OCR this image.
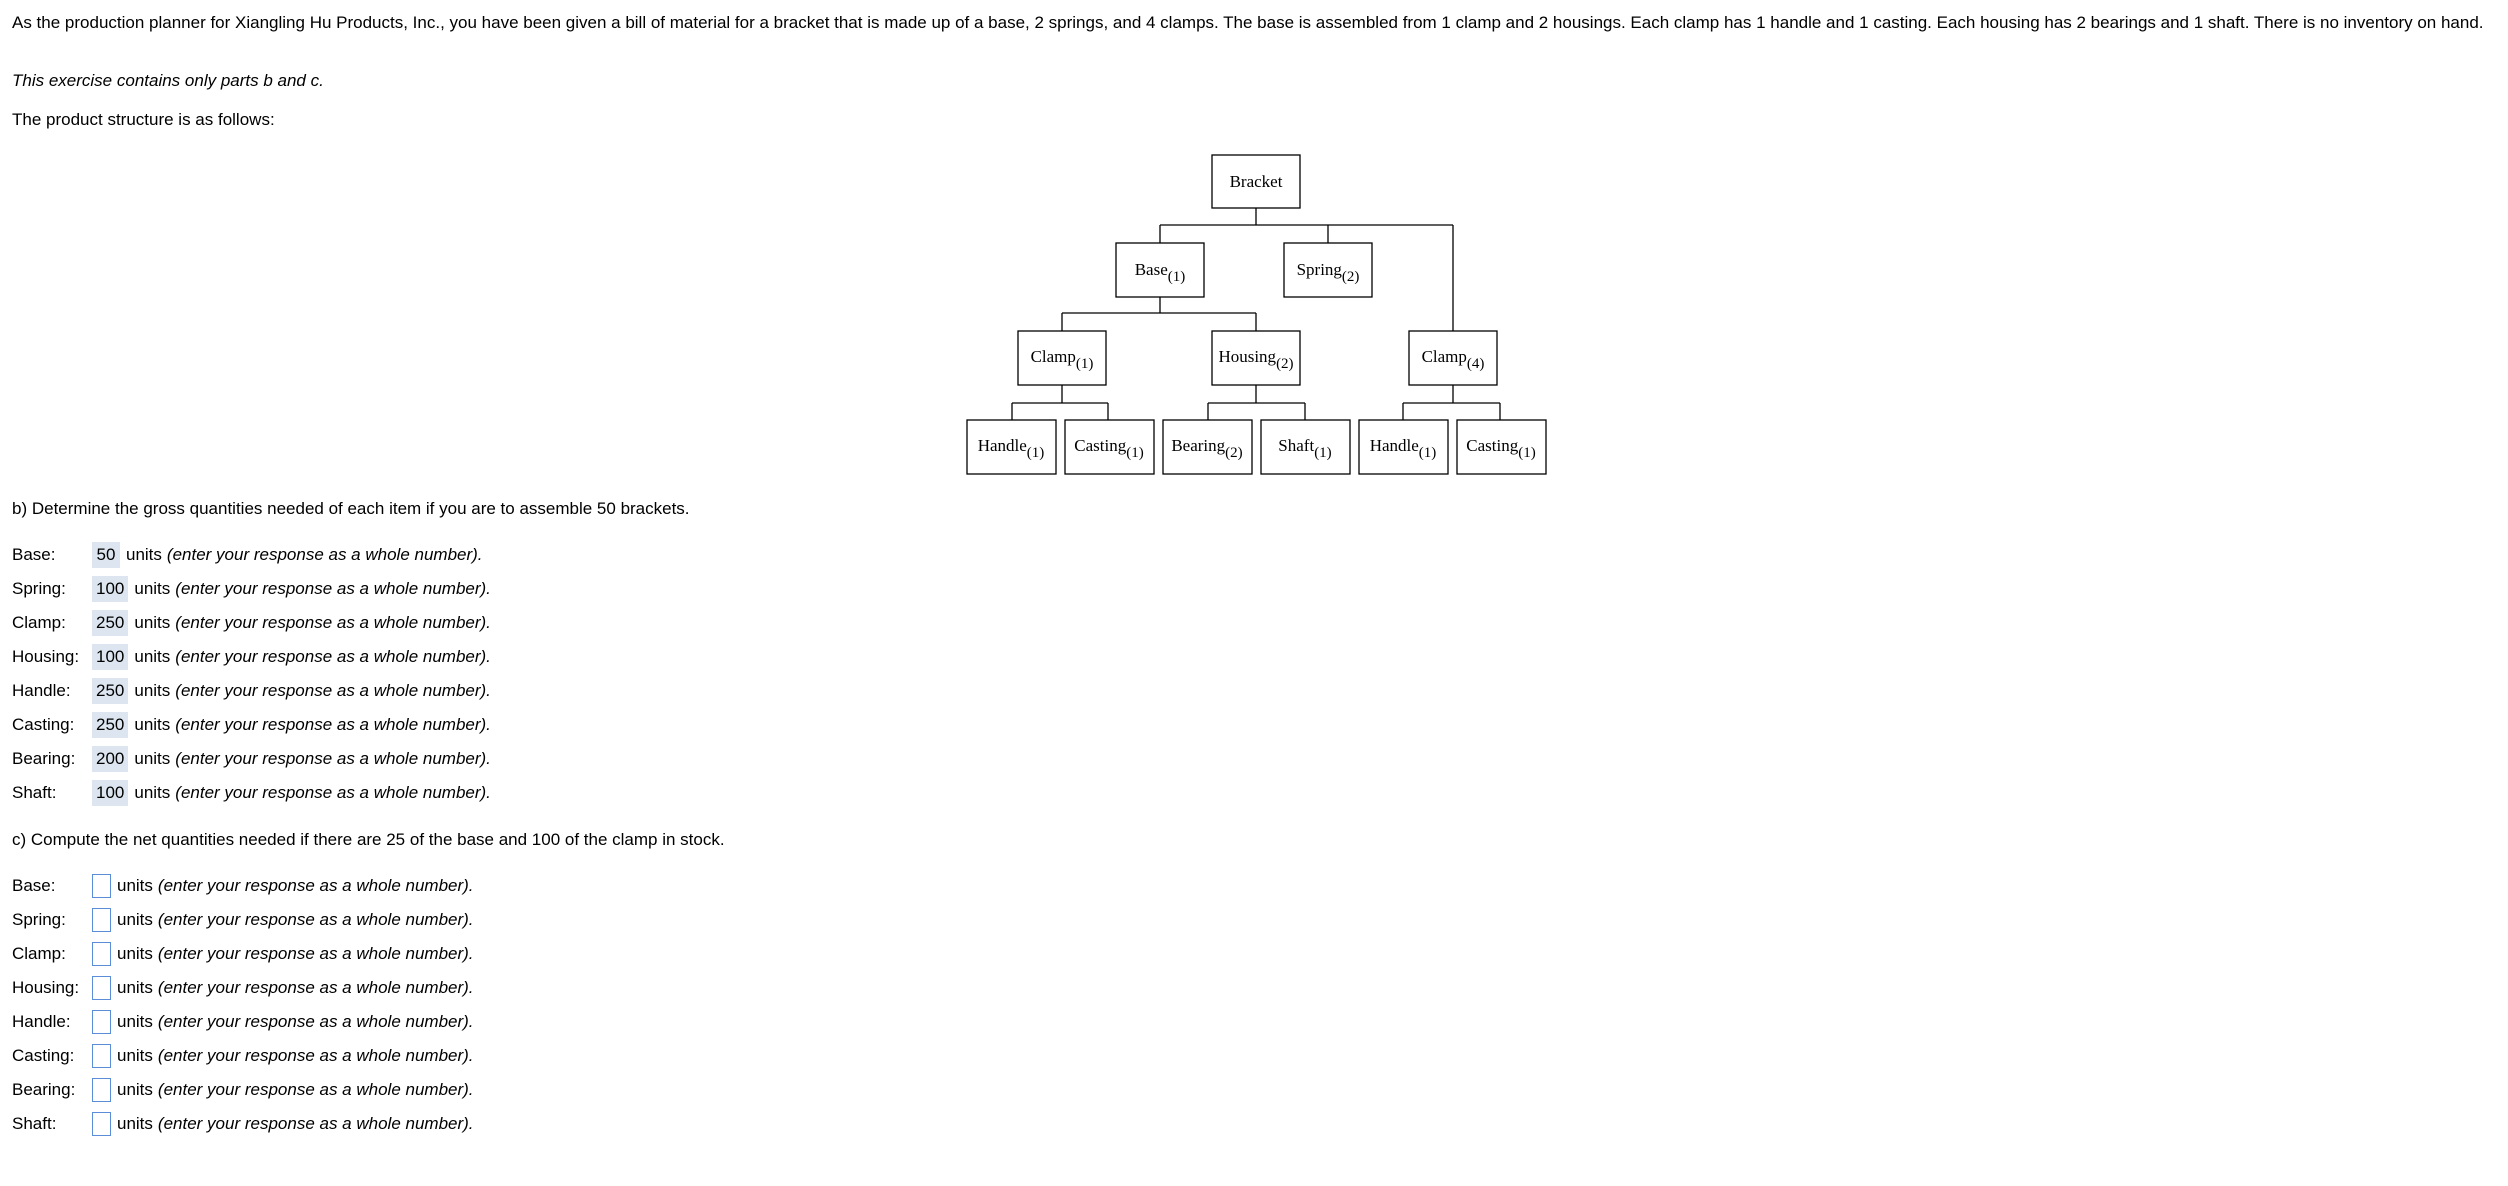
As the production planner for Xiangling Hu Products, Inc., you have been given a bill of material for a bracket that is made up of a base, 2 springs, and 4 clamps. The base is assembled from 1 clamp and 2 housings. Each clamp has 1 handle and 1 casting. Each housing has 2 bearings and 1 shaft. There is no inventory on hand.

This exercise contains only parts b and c.

The product structure is as follows:

Bracket
Base(1)	Spring(2)
Clamp(1)	Housing(2)	Clamp(4)
Handle(1) Casting(1) Bearing(2) Shaft(1) Handle(1) Casting(1)

b) Determine the gross quantities needed of each item if you are to assemble 50 brackets.

Base:	50 units (enter your response as a whole number).
Spring:	100 units (enter your response as a whole number).
Clamp:	250 units (enter your response as a whole number).
Housing: 100 units (enter your response as a whole number).
Handle:	250 units (enter your response as a whole number).
Casting:	250 units (enter your response as a whole number).
Bearing:	200 units (enter your response as a whole number).
Shaft:	100 units (enter your response as a whole number).

c) Compute the net quantities needed if there are 25 of the base and 100 of the clamp in stock.

Base:	units (enter your response as a whole number).
Spring:	units (enter your response as a whole number).
Clamp:	units (enter your response as a whole number).
Housing:	units (enter your response as a whole number).
Handle:	units (enter your response as a whole number).
Casting:	units (enter your response as a whole number).
Bearing:	units (enter your response as a whole number).
Shaft:	units (enter your response as a whole number).
